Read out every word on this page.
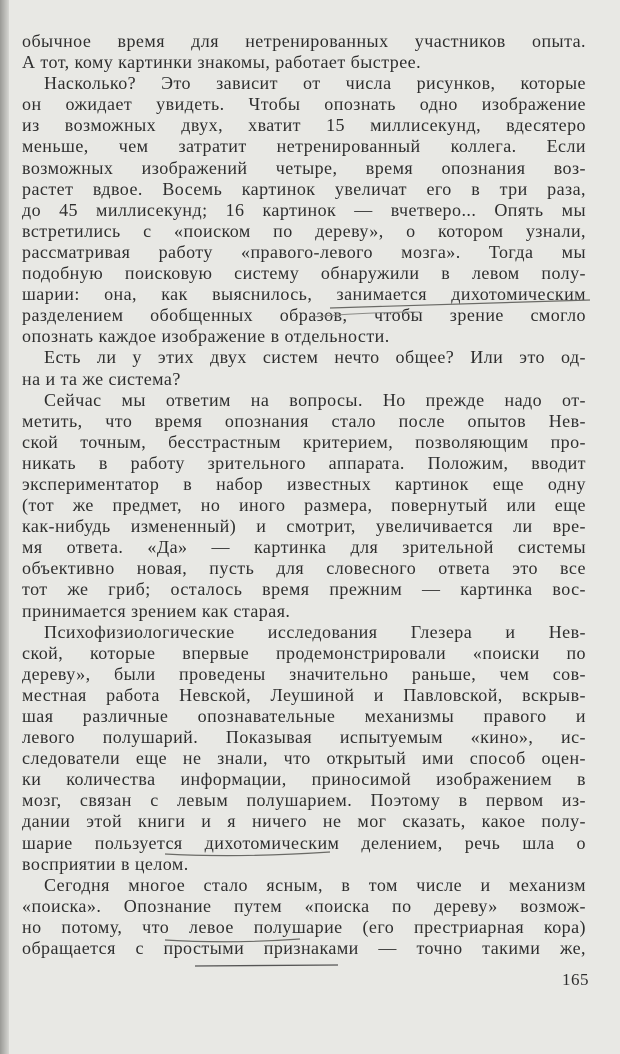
обычное время для нетренированных участников опыта.
А тот, кому картинки знакомы, работает быстрее.
Насколько? Это зависит от числа рисунков, которые
он ожидает увидеть. Чтобы опознать одно изображение
из возможных двух, хватит 15 миллисекунд, вдесятеро
меньше, чем затратит нетренированный коллега. Если
возможных изображений четыре, время опознания воз-
растет вдвое. Восемь картинок увеличат его в три раза,
до 45 миллисекунд; 16 картинок — вчетверо... Опять мы
встретились с «поиском по дереву», о котором узнали,
рассматривая работу «правого-левого мозга». Тогда мы
подобную поисковую систему обнаружили в левом полу-
шарии: она, как выяснилось, занимается дихотомическим
разделением обобщенных образов, чтобы зрение смогло
опознать каждое изображение в отдельности.
Есть ли у этих двух систем нечто общее? Или это од-
на и та же система?
Сейчас мы ответим на вопросы. Но прежде надо от-
метить, что время опознания стало после опытов Нев-
ской точным, бесстрастным критерием, позволяющим про-
никать в работу зрительного аппарата. Положим, вводит
экспериментатор в набор известных картинок еще одну
(тот же предмет, но иного размера, повернутый или еще
как-нибудь измененный) и смотрит, увеличивается ли вре-
мя ответа. «Да» — картинка для зрительной системы
объективно новая, пусть для словесного ответа это все
тот же гриб; осталось время прежним — картинка вос-
принимается зрением как старая.
Психофизиологические исследования Глезера и Нев-
ской, которые впервые продемонстрировали «поиски по
дереву», были проведены значительно раньше, чем сов-
местная работа Невской, Леушиной и Павловской, вскрыв-
шая различные опознавательные механизмы правого и
левого полушарий. Показывая испытуемым «кино», ис-
следователи еще не знали, что открытый ими способ оцен-
ки количества информации, приносимой изображением в
мозг, связан с левым полушарием. Поэтому в первом из-
дании этой книги и я ничего не мог сказать, какое полу-
шарие пользуется дихотомическим делением, речь шла о
восприятии в целом.
Сегодня многое стало ясным, в том числе и механизм
«поиска». Опознание путем «поиска по дереву» возмож-
но потому, что левое полушарие (его престриарная кора)
обращается с простыми признаками — точно такими же,
165
